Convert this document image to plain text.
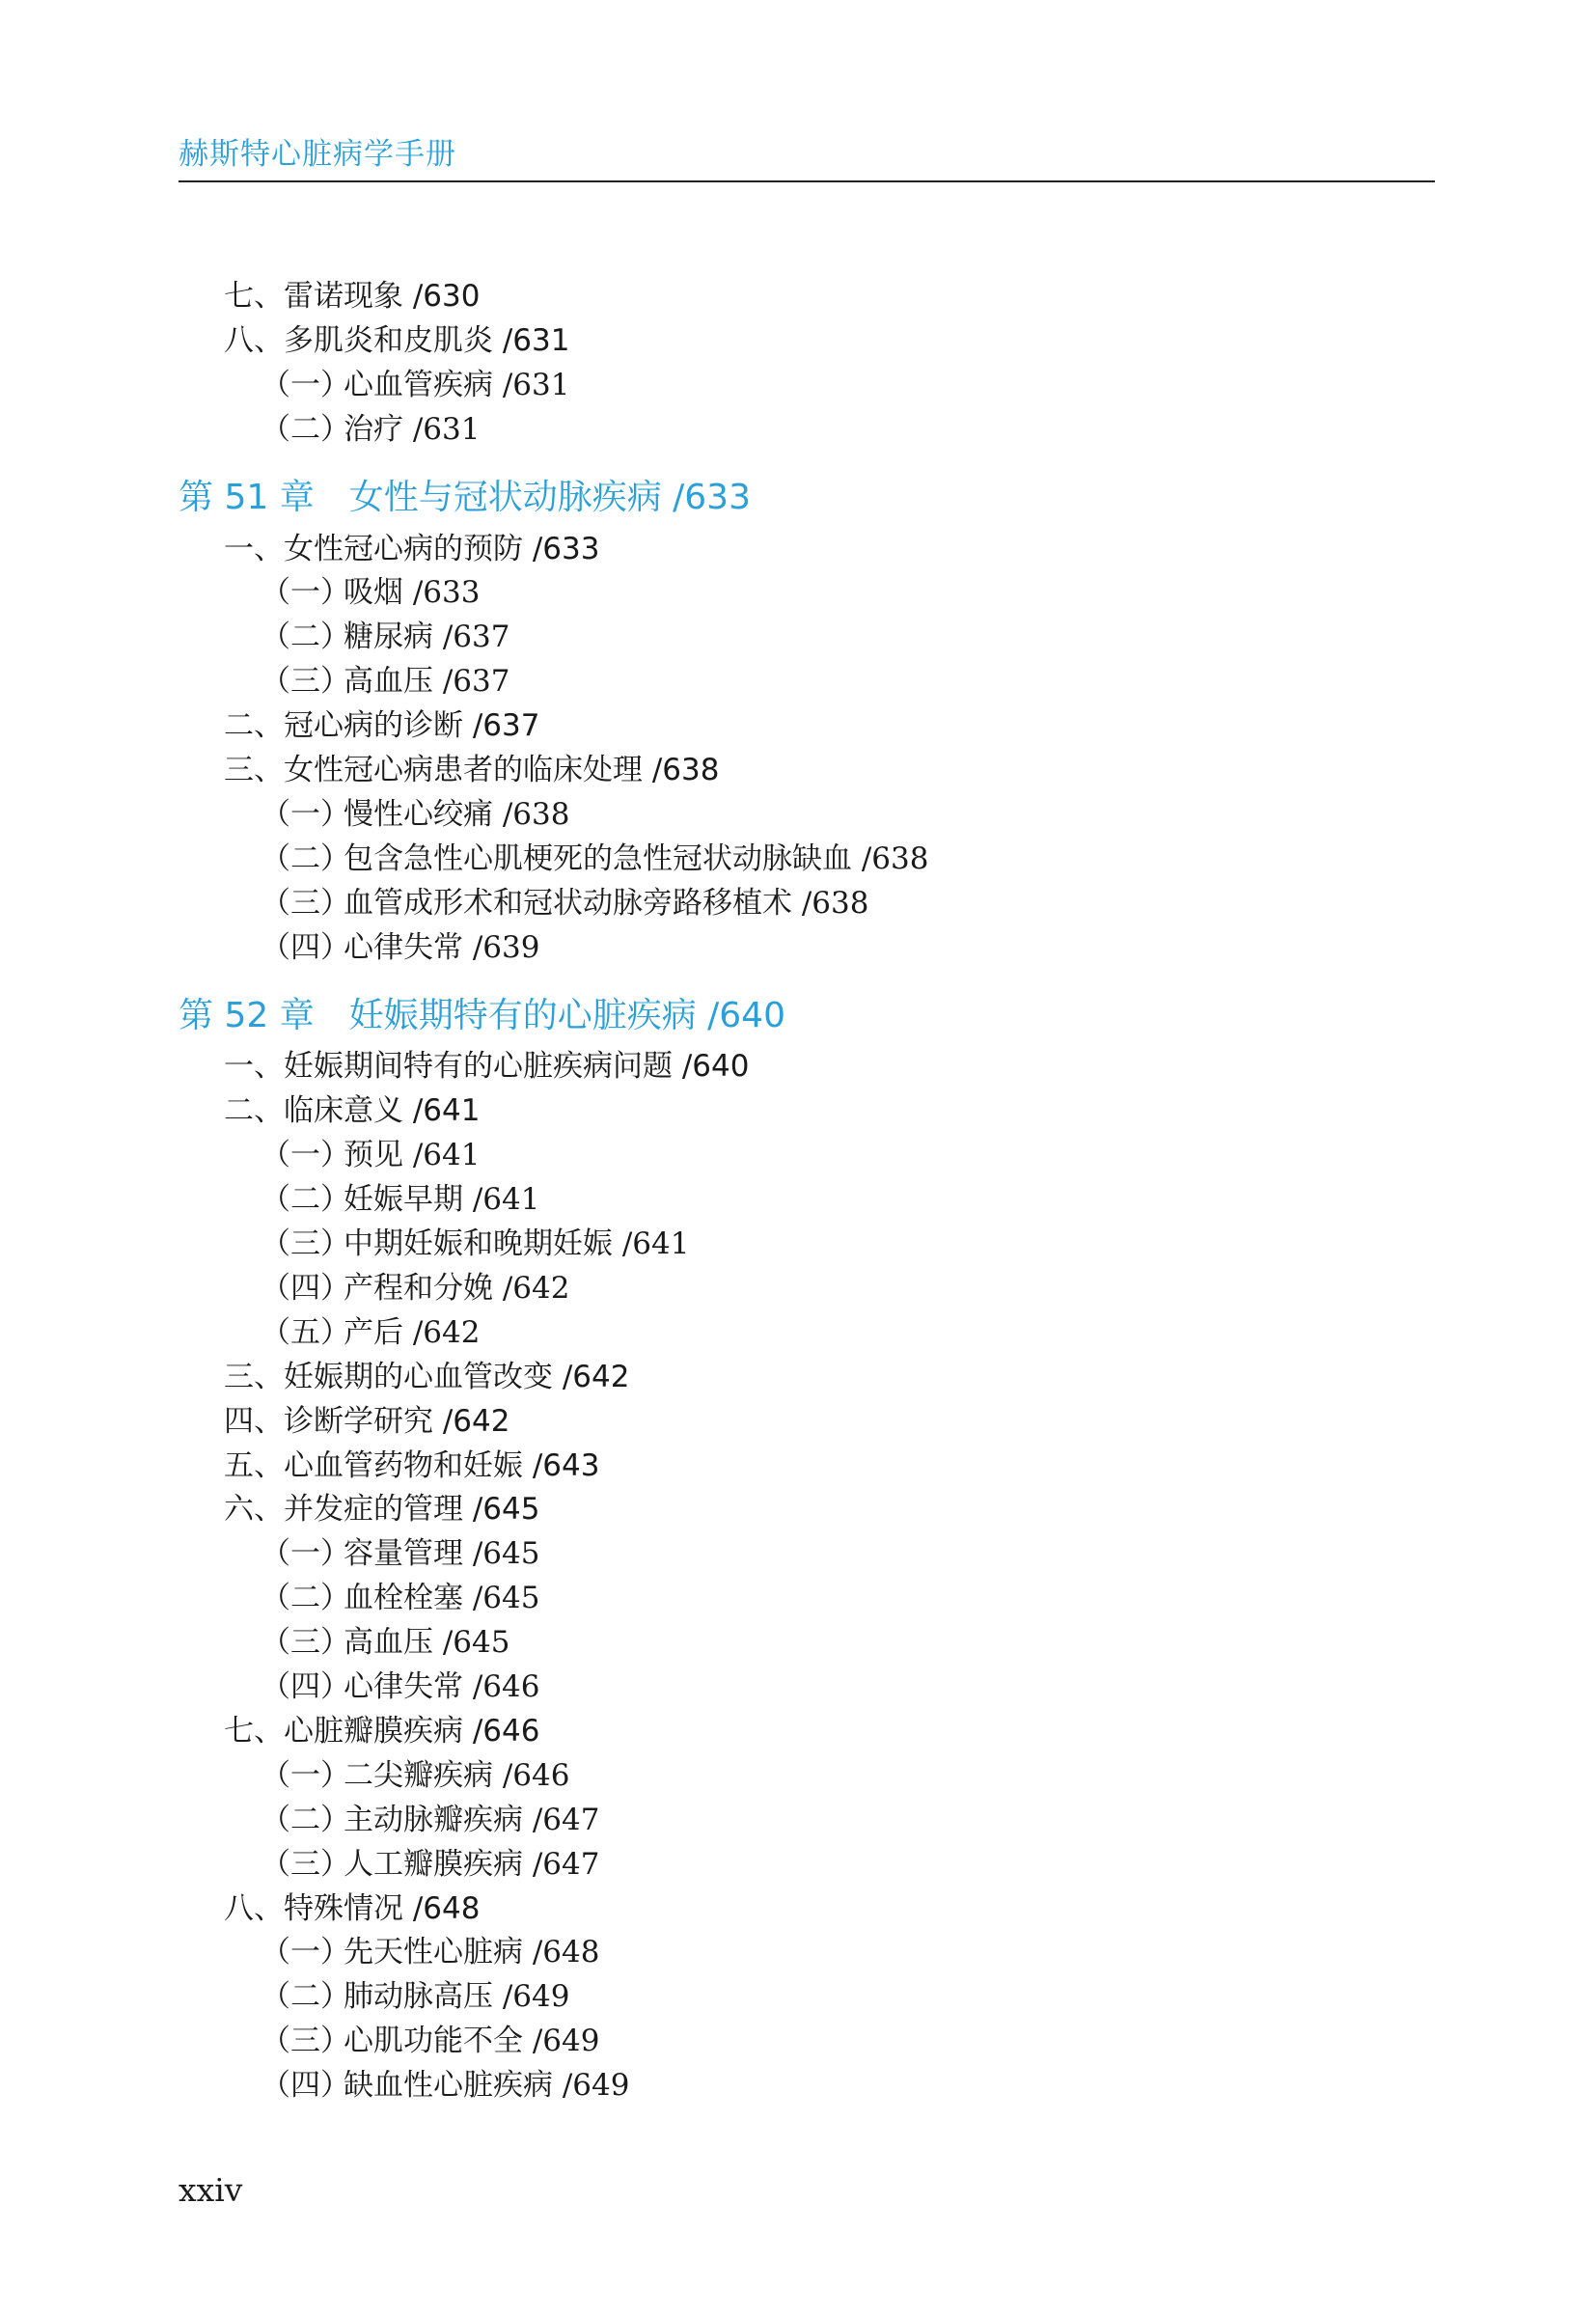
赫斯特心脏病学手册
七、雷诺现象 /630
八、多肌炎和皮肌炎 /631
（一）心血管疾病 /631
（二）治疗 /631
第 51 章 女性与冠状动脉疾病 /633
一、女性冠心病的预防 /633
（一）吸烟 /633
（二）糖尿病 /637
（三）高血压 /637
二、冠心病的诊断 /637
三、女性冠心病患者的临床处理 /638
（一）慢性心绞痛 /638
（二）包含急性心肌梗死的急性冠状动脉缺血 /638
（三）血管成形术和冠状动脉旁路移植术 /638
（四）心律失常 /639
第 52 章 妊娠期特有的心脏疾病 /640
一、妊娠期间特有的心脏疾病问题 /640
二、临床意义 /641
（一）预见 /641
（二）妊娠早期 /641
（三）中期妊娠和晚期妊娠 /641
（四）产程和分娩 /642
（五）产后 /642
三、妊娠期的心血管改变 /642
四、诊断学研究 /642
五、心血管药物和妊娠 /643
六、并发症的管理 /645
（一）容量管理 /645
（二）血栓栓塞 /645
（三）高血压 /645
（四）心律失常 /646
七、心脏瓣膜疾病 /646
（一）二尖瓣疾病 /646
（二）主动脉瓣疾病 /647
（三）人工瓣膜疾病 /647
八、特殊情况 /648
（一）先天性心脏病 /648
（二）肺动脉高压 /649
（三）心肌功能不全 /649
（四）缺血性心脏疾病 /649
xxiv
